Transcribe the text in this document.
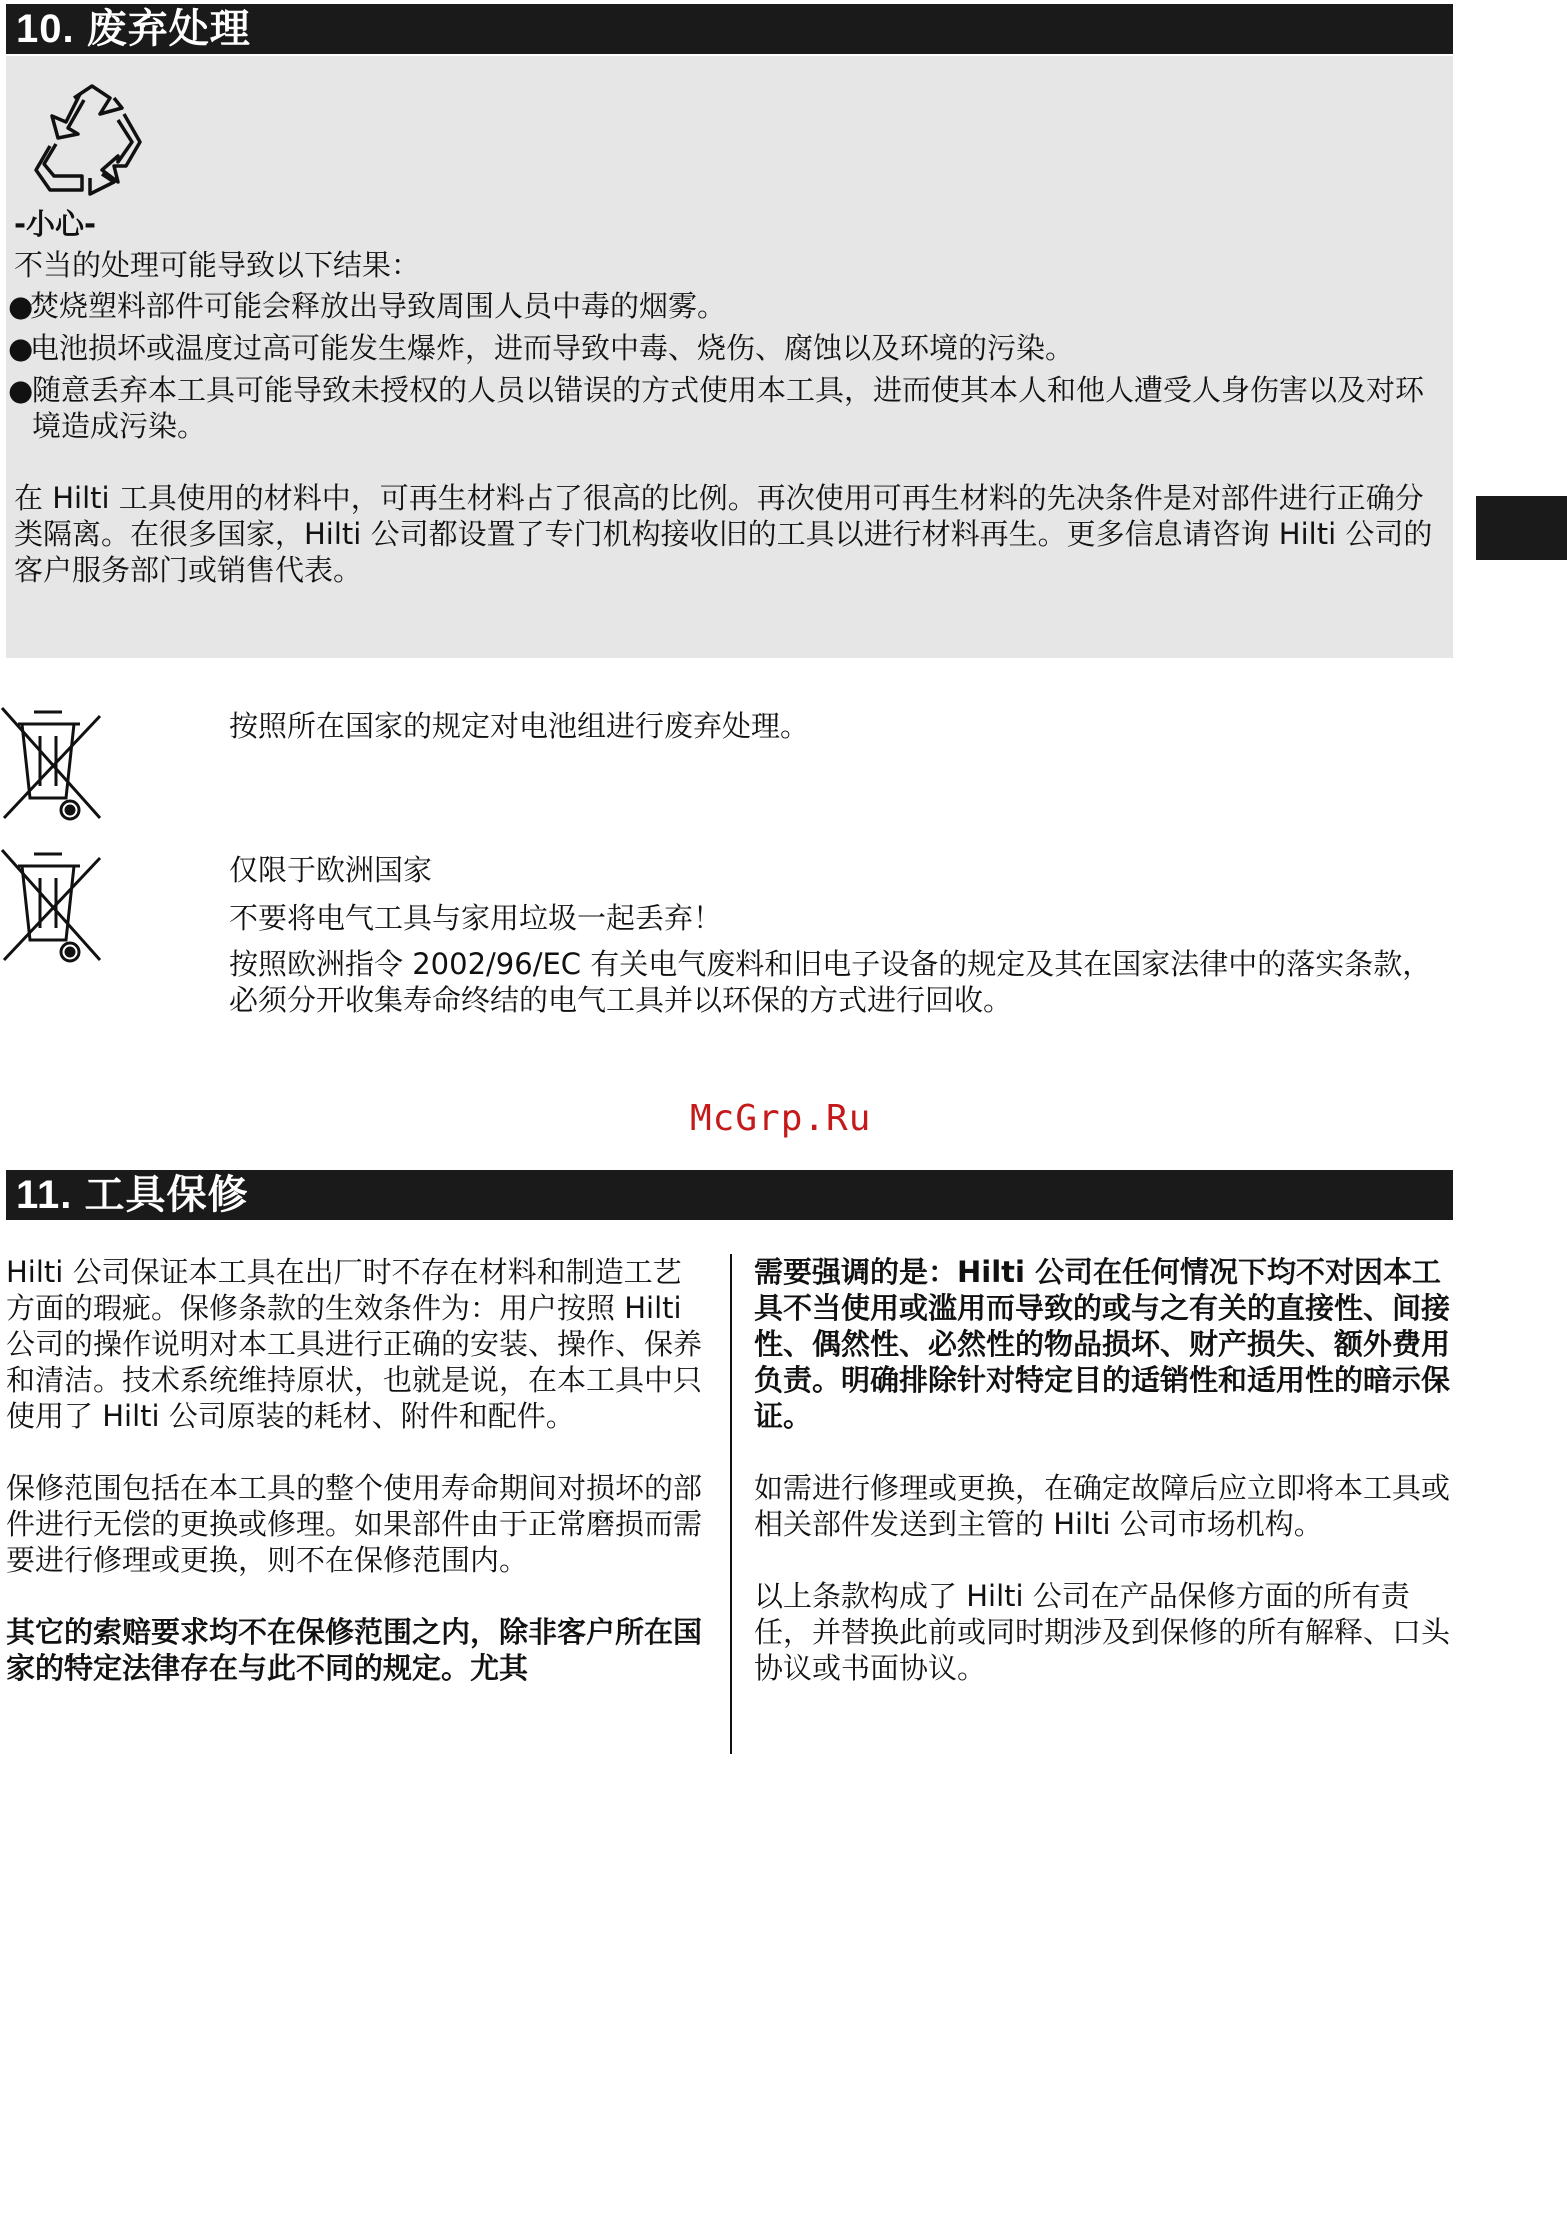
10. 废弃处理
-小心-
不当的处理可能导致以下结果：
●焚烧塑料部件可能会释放出导致周围人员中毒的烟雾。
●电池损坏或温度过高可能发生爆炸，进而导致中毒、烧伤、腐蚀以及环境的污染。
●
随意丢弃本工具可能导致未授权的人员以错误的方式使用本工具，进而使其本人和他人遭受人身伤害以及对环境造成污染。
在 Hilti 工具使用的材料中，可再生材料占了很高的比例。再次使用可再生材料的先决条件是对部件进行正确分类隔离。在很多国家，Hilti 公司都设置了专门机构接收旧的工具以进行材料再生。更多信息请咨询 Hilti 公司的客户服务部门或销售代表。
按照所在国家的规定对电池组进行废弃处理。
仅限于欧洲国家
不要将电气工具与家用垃圾一起丢弃！
按照欧洲指令 2002/96/EC 有关电气废料和旧电子设备的规定及其在国家法律中的落实条款，必须分开收集寿命终结的电气工具并以环保的方式进行回收。
McGrp.Ru
11. 工具保修

Hilti 公司保证本工具在出厂时不存在材料和制造工艺方面的瑕疵。保修条款的生效条件为：用户按照 Hilti 公司的操作说明对本工具进行正确的安装、操作、保养和清洁。技术系统维持原状，也就是说，在本工具中只使用了 Hilti 公司原装的耗材、附件和配件。

保修范围包括在本工具的整个使用寿命期间对损坏的部件进行无偿的更换或修理。如果部件由于正常磨损而需要进行修理或更换，则不在保修范围内。

其它的索赔要求均不在保修范围之内，除非客户所在国家的特定法律存在与此不同的规定。尤其

需要强调的是：Hilti 公司在任何情况下均不对因本工具不当使用或滥用而导致的或与之有关的直接性、间接性、偶然性、必然性的物品损坏、财产损失、额外费用负责。明确排除针对特定目的适销性和适用性的暗示保证。

如需进行修理或更换，在确定故障后应立即将本工具或相关部件发送到主管的 Hilti 公司市场机构。

以上条款构成了 Hilti 公司在产品保修方面的所有责任，并替换此前或同时期涉及到保修的所有解释、口头协议或书面协议。
